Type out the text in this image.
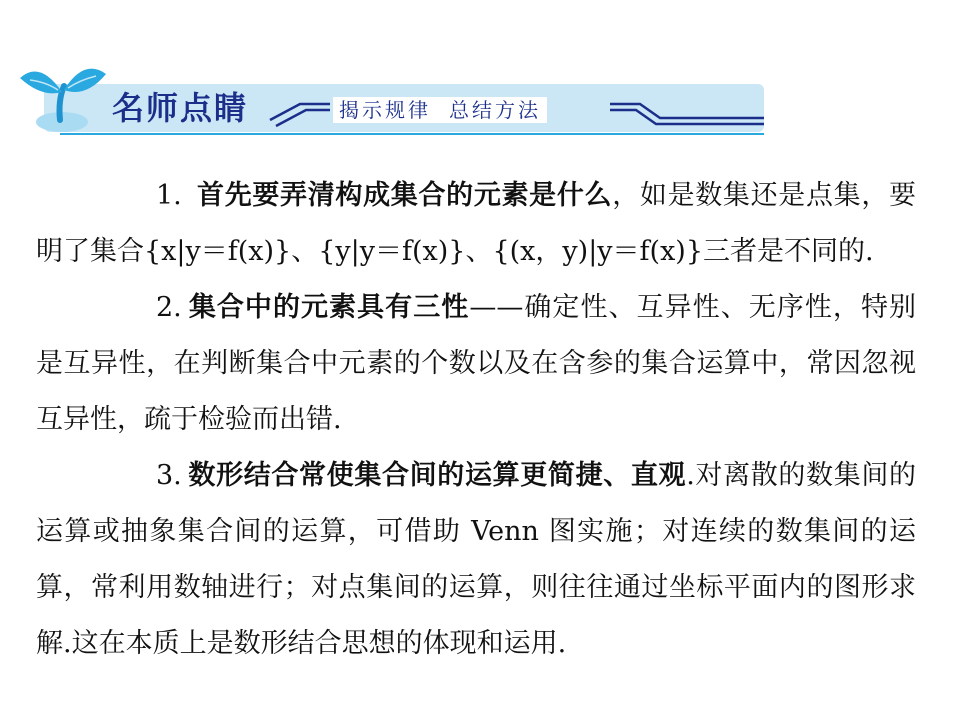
名师点睛	揭示规律 总结方法

1. 首先要弄清构成集合的元素是什么，如是数集还是点集，要明了集合{x|y＝f(x)}、{y|y＝f(x)}、{(x，y)|y＝f(x)}三者是不同的.

2. 集合中的元素具有三性——确定性、互异性、无序性，特别是互异性，在判断集合中元素的个数以及在含参的集合运算中，常因忽视互异性，疏于检验而出错.

3. 数形结合常使集合间的运算更简捷、直观.对离散的数集间的运算或抽象集合间的运算，可借助 Venn 图实施；对连续的数集间的运算，常利用数轴进行；对点集间的运算，则往往通过坐标平面内的图形求解.这在本质上是数形结合思想的体现和运用.
